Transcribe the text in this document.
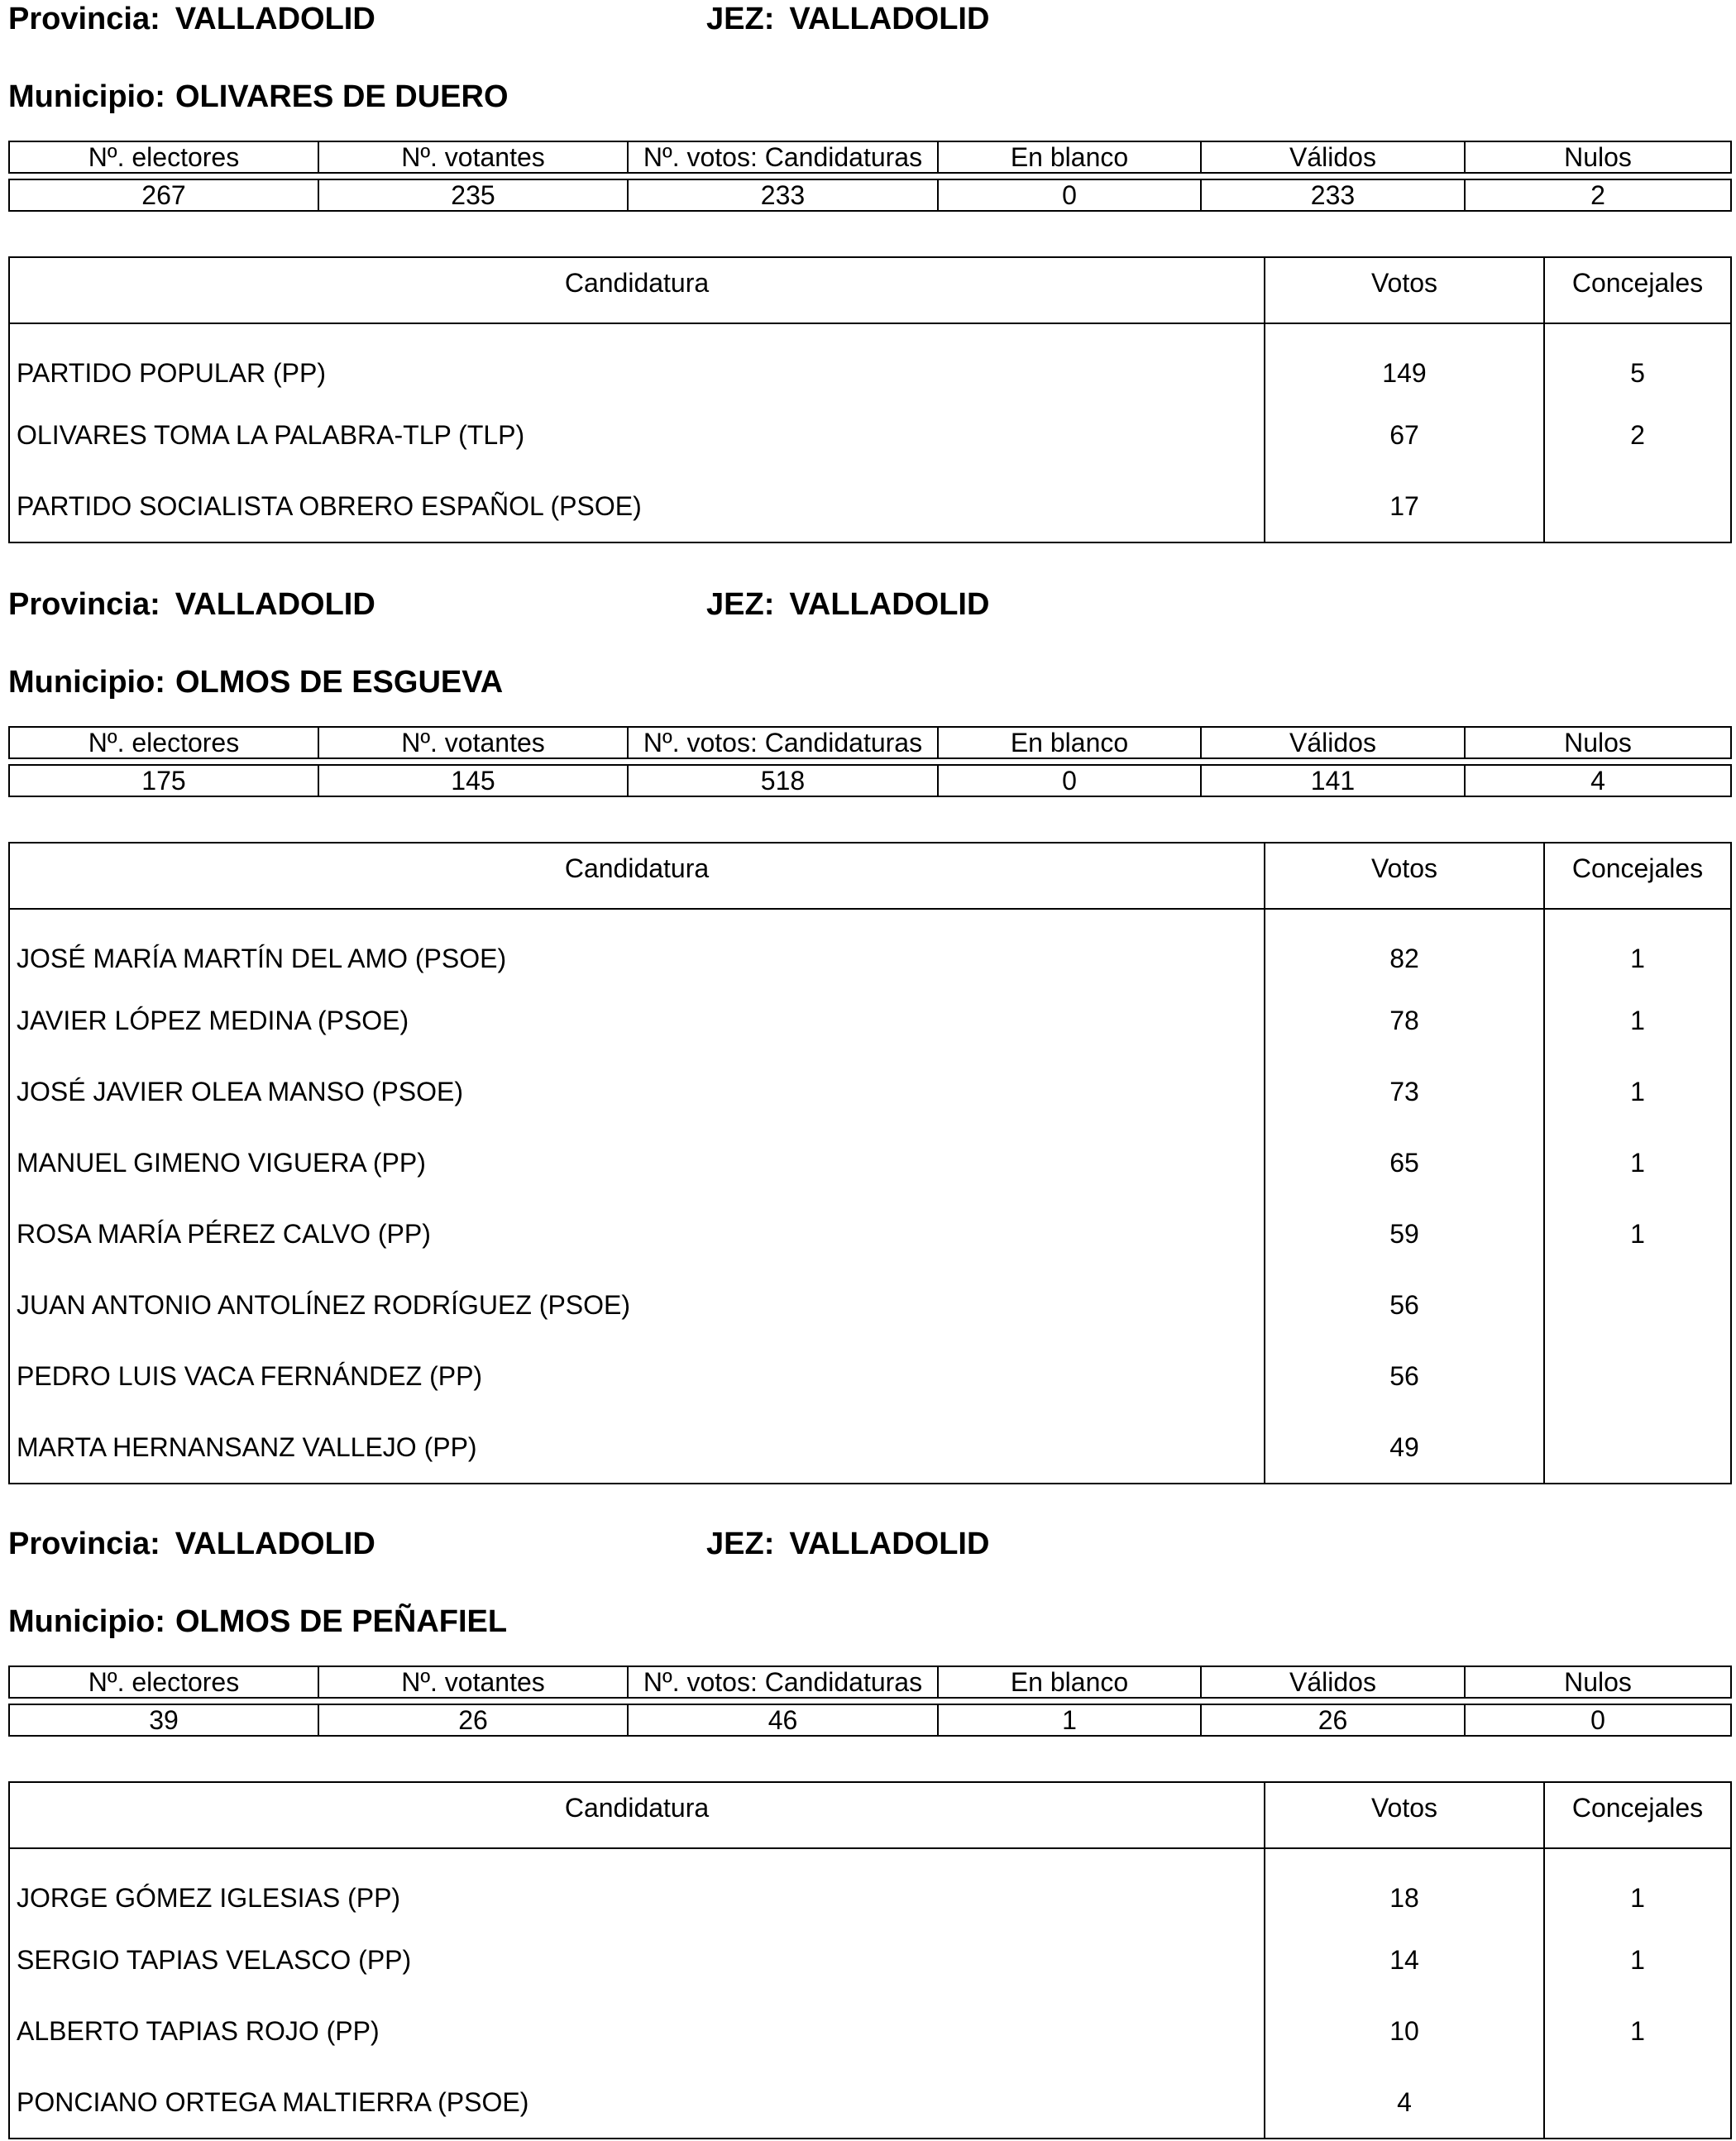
Provincia: VALLADOLID	JEZ: VALLADOLID
Municipio: OLIVARES DE DUERO
Nº. electores	Nº. votantes	Nº. votos: Candidaturas	En blanco	Válidos	Nulos

267	235	233	0	233	2
Candidatura	Votos	Concejales
PARTIDO POPULAR (PP)	149	5
OLIVARES TOMA LA PALABRA-TLP (TLP)	67	2
PARTIDO SOCIALISTA OBRERO ESPAÑOL (PSOE)	17	
Provincia: VALLADOLID	JEZ: VALLADOLID
Municipio: OLMOS DE ESGUEVA
Nº. electores	Nº. votantes	Nº. votos: Candidaturas	En blanco	Válidos	Nulos

175	145	518	0	141	4
Candidatura	Votos	Concejales
JOSÉ MARÍA MARTÍN DEL AMO (PSOE)	82	1
JAVIER LÓPEZ MEDINA (PSOE)	78	1
JOSÉ JAVIER OLEA MANSO (PSOE)	73	1
MANUEL GIMENO VIGUERA (PP)	65	1
ROSA MARÍA PÉREZ CALVO (PP)	59	1
JUAN ANTONIO ANTOLÍNEZ RODRÍGUEZ (PSOE)	56	
PEDRO LUIS VACA FERNÁNDEZ (PP)	56	
MARTA HERNANSANZ VALLEJO (PP)	49	
Provincia: VALLADOLID	JEZ: VALLADOLID
Municipio: OLMOS DE PEÑAFIEL
Nº. electores	Nº. votantes	Nº. votos: Candidaturas	En blanco	Válidos	Nulos

39	26	46	1	26	0
Candidatura	Votos	Concejales
JORGE GÓMEZ IGLESIAS (PP)	18	1
SERGIO TAPIAS VELASCO (PP)	14	1
ALBERTO TAPIAS ROJO (PP)	10	1
PONCIANO ORTEGA MALTIERRA (PSOE)	4	
